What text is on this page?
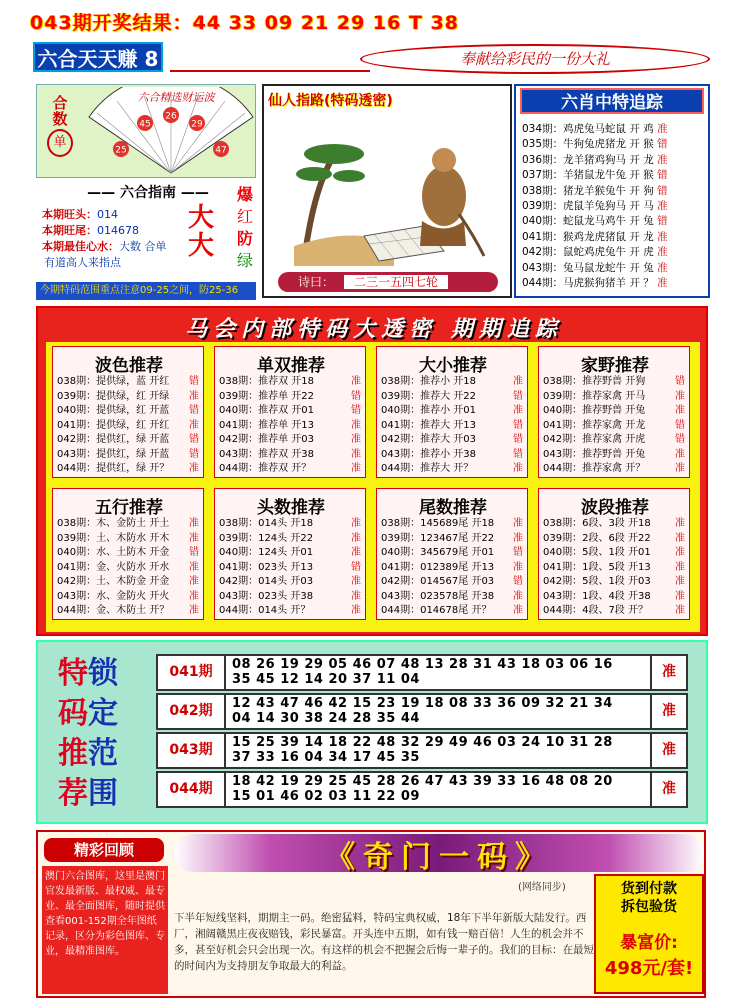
043期开奖结果：44 33 09 21 29 16 T 38
六合天天赚 8	奉献给彩民的一份大礼
合数
单
25
45
26
29
47
六合精选财运波
—— 六合指南 ——
本期旺头：014
本期旺尾：014678
本期最佳心水：大数 合单
大
大
爆
红
防
绿
有道高人来指点
今期特码范围重点注意09-25之间，防25-36
仙人指路(特码透密)
诗曰：	二三一五四七轮
六肖中特追踪
034期：鸡虎兔马蛇鼠 开 鸡 准
035期：牛狗兔虎猪龙 开 猴 错
036期：龙羊猪鸡狗马 开 龙 准
037期：羊猪鼠龙牛兔 开 猴 错
038期：猪龙羊猴兔牛 开 狗 错
039期：虎鼠羊兔狗马 开 马 准
040期：蛇鼠龙马鸡牛 开 兔 错
041期：猴鸡龙虎猪鼠 开 龙 准
042期：鼠蛇鸡虎兔牛 开 虎 准
043期：兔马鼠龙蛇牛 开 兔 准
044期：马虎猴狗猪羊 开 ？ 准
马会内部特码大透密 期期追踪
波色推荐
038期：提供绿，蓝 开红 错
039期：提供绿，红 开绿 准
040期：提供绿，红 开蓝 错
041期：提供绿，红 开红 准
042期：提供红，绿 开蓝 错
043期：提供红，绿 开蓝 错
044期：提供红，绿 开？ 准
单双推荐
038期：推荐双 开18	准
039期：推荐单 开22	错
040期：推荐双 开01	错
041期：推荐单 开13	准
042期：推荐单 开03	准
043期：推荐双 开38	准
044期：推荐双 开？	准
大小推荐
038期：推荐小 开18	准
039期：推荐大 开22	错
040期：推荐小 开01	准
041期：推荐大 开13	错
042期：推荐大 开03	错
043期：推荐小 开38	错
044期：推荐大 开？	准
家野推荐
038期：推荐野兽 开狗	错
039期：推荐家禽 开马	准
040期：推荐野兽 开兔	准
041期：推荐家禽 开龙	错
042期：推荐家禽 开虎	错
043期：推荐野兽 开兔	准
044期：推荐家禽 开？	准
五行推荐
038期：木、金防土 开土 准
039期：土、木防水 开木 准
040期：水、土防木 开金 错
041期：金、火防水 开水 准
042期：土、木防金 开金 准
043期：水、金防火 开火 准
044期：金、木防土 开？ 准
头数推荐
038期：014头 开18	准
039期：124头 开22	准
040期：124头 开01	准
041期：023头 开13	错
042期：014头 开03	准
043期：023头 开38	准
044期：014头 开？	准
尾数推荐
038期：145689尾 开18 准
039期：123467尾 开22 准
040期：345679尾 开01 错
041期：012389尾 开13 准
042期：014567尾 开03 错
043期：023578尾 开38 准
044期：014678尾 开？ 准
波段推荐
038期：6段、3段 开18 准
039期：2段、6段 开22 准
040期：5段、1段 开01 准
041期：1段、5段 开13 准
042期：5段、1段 开03 准
043期：1段、4段 开38 准
044期：4段、7段 开？	准
特 锁
码 定
推 范
荐 围
041期	08 26 19 29 05 46 07 48 13 28 31 43 18 03 06 16
35 45 12 14 20 37 11 04	准
042期	12 43 47 46 42 15 23 19 18 08 33 36 09 32 21 34
04 14 30 38 24 28 35 44	准
043期	15 25 39 14 18 22 48 32 29 49 46 03 24 10 31 28
37 33 16 04 34 17 45 35	准
044期	18 42 19 29 25 45 28 26 47 43 39 33 16 48 08 20
15 01 46 02 03 11 22 09	准
精彩回顾
澳门六合图库，这里是澳门官发最新版、最权威、最专业、最全面图库，随时提供查看001-152期全年图纸记录，区分为彩色图库、专业，最精准图库。
《奇门一码》
(网络同步)
下半年短线坚料，期期主一码。绝密猛料，特码宝典权威，18年下半年新版大陆发行。西厂，湘阔赣黑庄夜夜赔钱，彩民暴富。开头连中五期，如有钱一赔百倍！人生的机会并不多，甚至好机会只会出现一次。有这样的机会不把握会后悔一辈子的。我们的目标：在最短的时间内为支持朋友争取最大的利益。
货到付款
拆包验货
暴富价:
498元/套!
